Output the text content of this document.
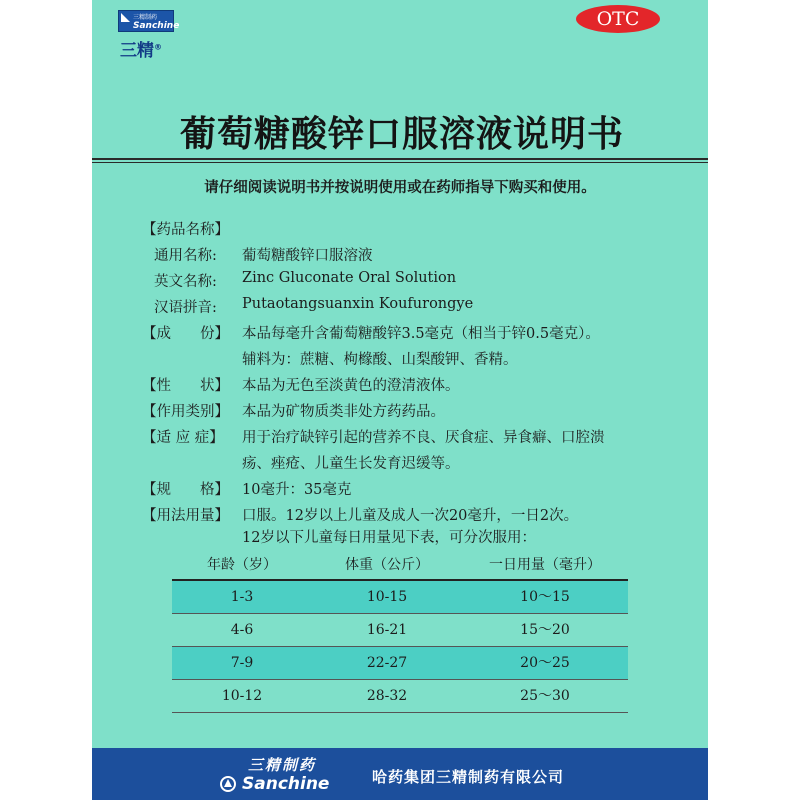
三精制药
Sanchine
三精®
OTC
葡萄糖酸锌口服溶液说明书
请仔细阅读说明书并按说明使用或在药师指导下购买和使用。
【药品名称】
通用名称: 葡萄糖酸锌口服溶液
英文名称: Zinc Gluconate Oral Solution
汉语拼音: Putaotangsuanxin Koufurongye
【成　　份】 本品每毫升含葡萄糖酸锌3.5毫克（相当于锌0.5毫克）。
辅料为：蔗糖、枸橼酸、山梨酸钾、香精。
【性　　状】 本品为无色至淡黄色的澄清液体。
【作用类别】 本品为矿物质类非处方药药品。
【适 应 症】 用于治疗缺锌引起的营养不良、厌食症、异食癖、口腔溃
疡、痤疮、儿童生长发育迟缓等。
【规　　格】 10毫升：35毫克
【用法用量】 口服。12岁以上儿童及成人一次20毫升，一日2次。
12岁以下儿童每日用量见下表，可分次服用：
年龄（岁）	体重（公斤）	一日用量（毫升）
1-3	10-15	10～15
4-6	16-21	15～20
7-9	22-27	20～25
10-12	28-32	25～30
三精制药
Sanchine	哈药集团三精制药有限公司
